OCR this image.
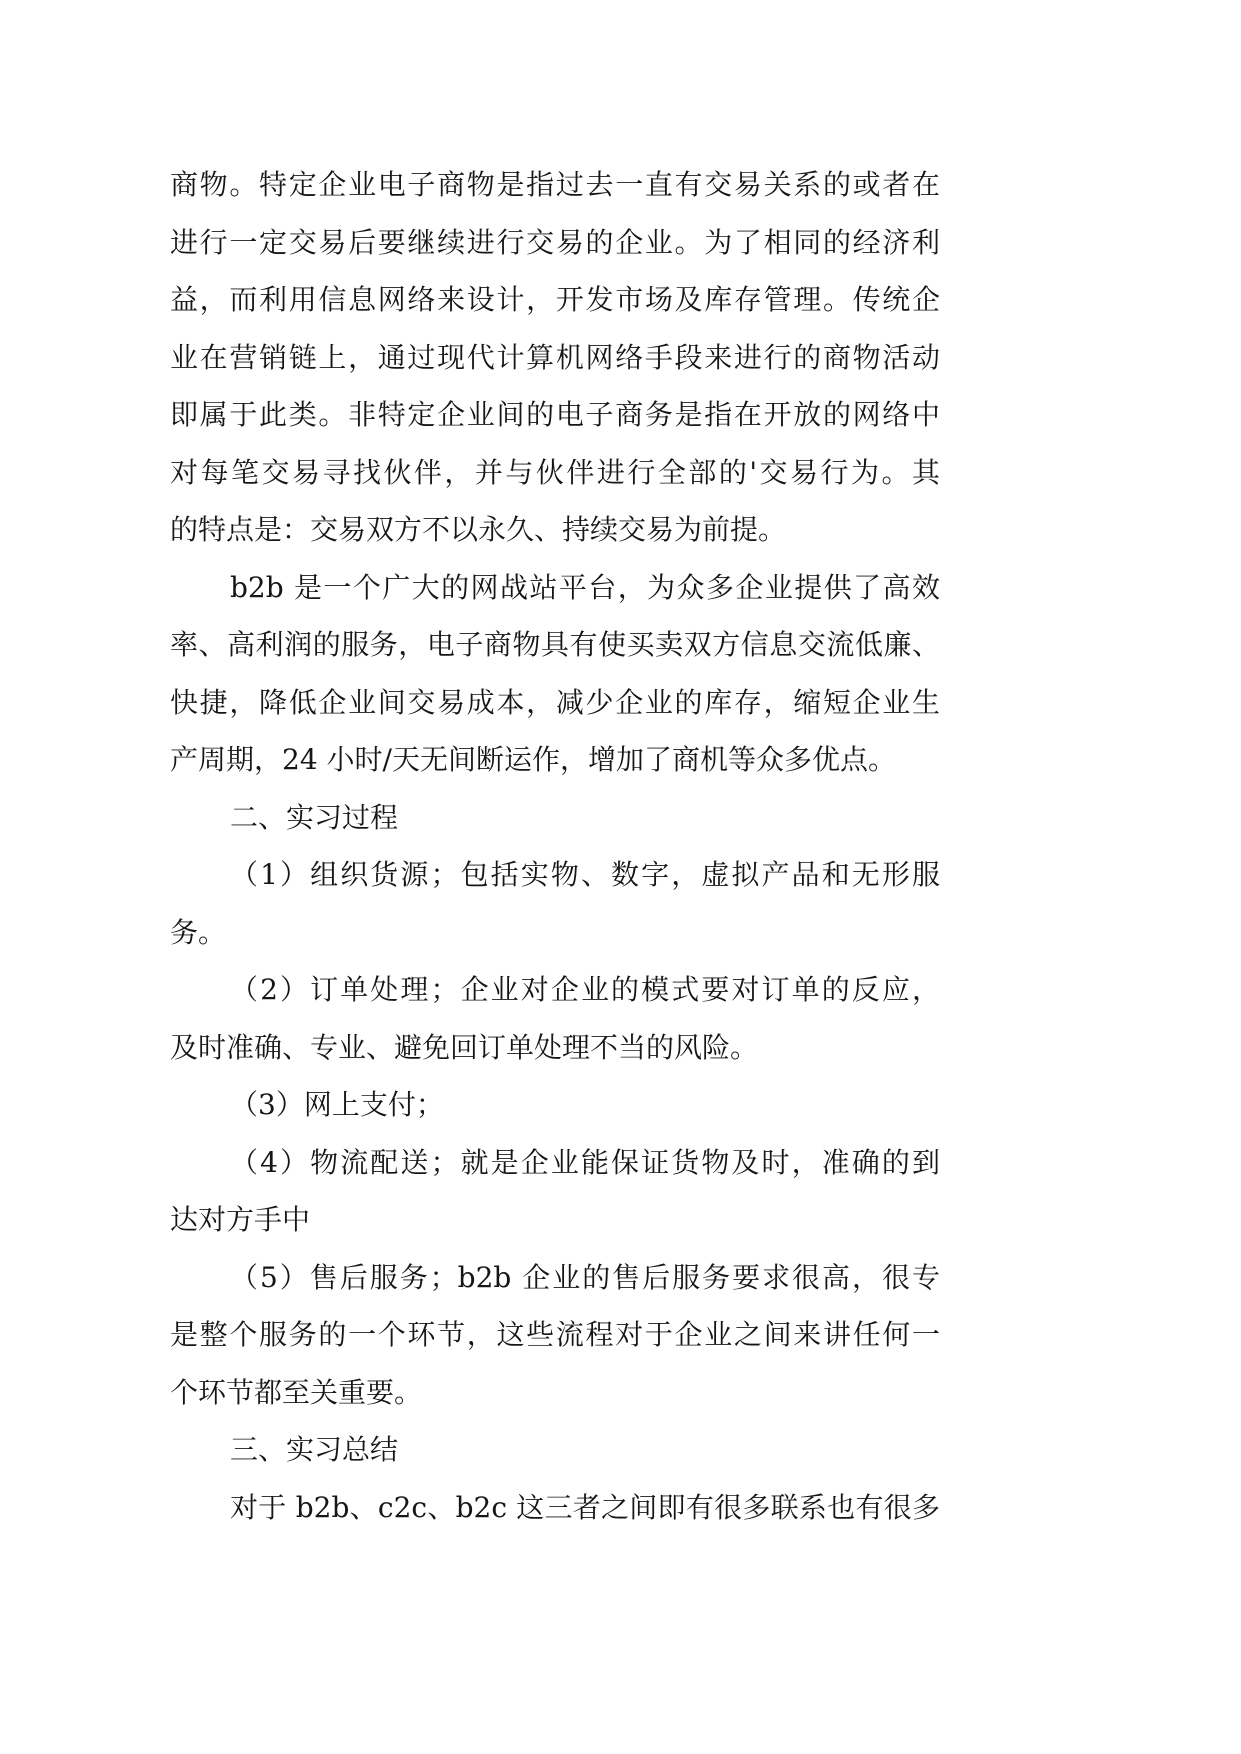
商物。特定企业电子商物是指过去一直有交易关系的或者在
进行一定交易后要继续进行交易的企业。为了相同的经济利
益，而利用信息网络来设计，开发市场及库存管理。传统企
业在营销链上，通过现代计算机网络手段来进行的商物活动
即属于此类。非特定企业间的电子商务是指在开放的网络中
对每笔交易寻找伙伴，并与伙伴进行全部的'交易行为。其
的特点是：交易双方不以永久、持续交易为前提。
b2b 是一个广大的网战站平台，为众多企业提供了高效
率、高利润的服务，电子商物具有使买卖双方信息交流低廉、
快捷，降低企业间交易成本，减少企业的库存，缩短企业生
产周期，24 小时/天无间断运作，增加了商机等众多优点。
二、实习过程
（1）组织货源；包括实物、数字，虚拟产品和无形服
务。
（2）订单处理；企业对企业的模式要对订单的反应，
及时准确、专业、避免回订单处理不当的风险。
（3）网上支付；
（4）物流配送；就是企业能保证货物及时，准确的到
达对方手中
（5）售后服务；b2b 企业的售后服务要求很高，很专
是整个服务的一个环节，这些流程对于企业之间来讲任何一
个环节都至关重要。
三、实习总结
对于 b2b、c2c、b2c 这三者之间即有很多联系也有很多
